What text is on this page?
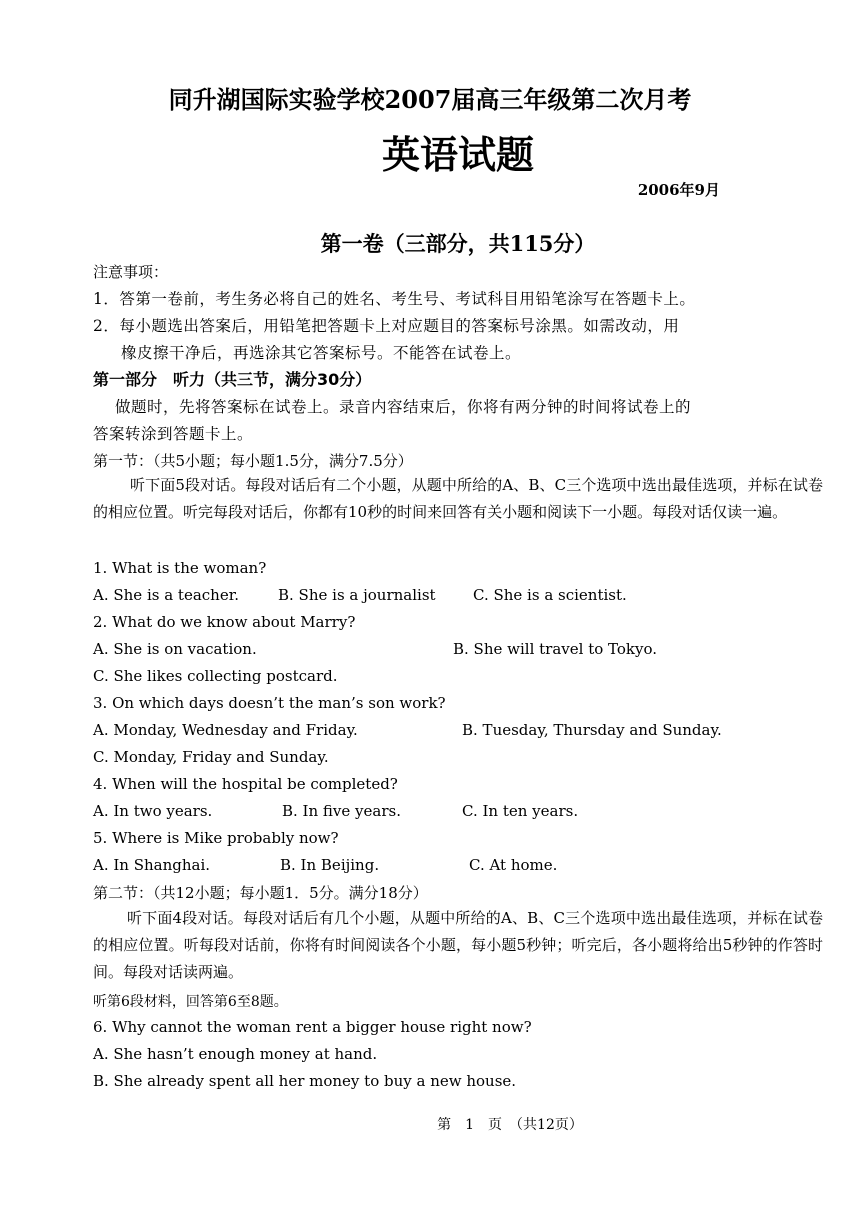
同升湖国际实验学校2007届高三年级第二次月考
英语试题
2006年9月
第一卷（三部分，共115分）
注意事项：
1．答第一卷前，考生务必将自己的姓名、考生号、考试科目用铅笔涂写在答题卡上。
2．每小题选出答案后，用铅笔把答题卡上对应题目的答案标号涂黑。如需改动，用
橡皮擦干净后，再选涂其它答案标号。不能答在试卷上。
第一部分　听力（共三节，满分30分）
做题时，先将答案标在试卷上。录音内容结束后，你将有两分钟的时间将试卷上的
答案转涂到答题卡上。
第一节：（共5小题；每小题1.5分，满分7.5分）
听下面5段对话。每段对话后有二个小题，从题中所给的A、B、C三个选项中选出最佳选项，并标在试卷的相应位置。听完每段对话后，你都有10秒的时间来回答有关小题和阅读下一小题。每段对话仅读一遍。
1. What is the woman?
A. She is a teacher.	B. She is a journalist C. She is a scientist.
2. What do we know about Marry?
A. She is on vacation.	B. She will travel to Tokyo.
C. She likes collecting postcard.
3. On which days doesn’t the man’s son work?
A. Monday, Wednesday and Friday.	B. Tuesday, Thursday and Sunday.
C. Monday, Friday and Sunday.
4. When will the hospital be completed?
A. In two years.	B. In five years.	C. In ten years.
5. Where is Mike probably now?
A. In Shanghai.	B. In Beijing.	C. At home.
第二节：（共12小题；每小题1．5分。满分18分）
听下面4段对话。每段对话后有几个小题，从题中所给的A、B、C三个选项中选出最佳选项，并标在试卷的相应位置。听每段对话前，你将有时间阅读各个小题，每小题5秒钟；听完后，各小题将给出5秒钟的作答时间。每段对话读两遍。
听第6段材料，回答第6至8题。
6. Why cannot the woman rent a bigger house right now?
A. She hasn’t enough money at hand.
B. She already spent all her money to buy a new house.
第　1　页　（共12页）
